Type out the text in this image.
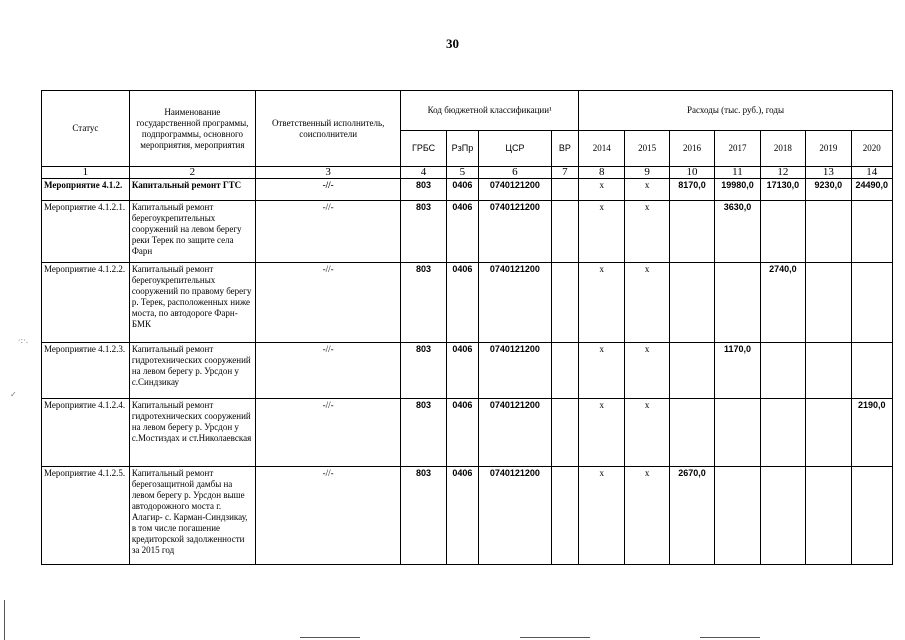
30
·:·.
✓
Статус	Наименование государственной программы, подпрограммы, основного мероприятия, мероприятия	Ответственный исполнитель, соисполнители	Код бюджетной классификации¹				Расходы (тыс. руб.), годы						
			ГРБС	РзПр	ЦСР	ВР	2014	2015	2016	2017	2018	2019	2020
1	2	3	4	5	6	7	8	9	10	11	12	13	14
Мероприятие 4.1.2.	Капитальный ремонт ГТС	-//-	803	0406	0740121200		х	х	8170,0	19980,0	17130,0	9230,0	24490,0
Мероприятие 4.1.2.1.	Капитальный ремонт берегоукрепительных сооружений на левом берегу реки Терек по защите села Фарн	-//-	803	0406	0740121200		х	х		3630,0			
Мероприятие 4.1.2.2.	Капитальный ремонт берегоукрепительных сооружений по правому берегу р. Терек, расположенных ниже моста, по автодороге Фарн-БМК	-//-	803	0406	0740121200		х	х			2740,0		
Мероприятие 4.1.2.3.	Капитальный ремонт гидротехнических сооружений на левом берегу р. Урсдон у с.Синдзикау	-//-	803	0406	0740121200		х	х		1170,0			
Мероприятие 4.1.2.4.	Капитальный ремонт гидротехнических сооружений на левом берегу р. Урсдон у с.Мостиздах и ст.Николаевская	-//-	803	0406	0740121200		х	х					2190,0
Мероприятие 4.1.2.5.	Капитальный ремонт берегозащитной дамбы на левом берегу р. Урсдон выше автодорожного моста г. Алагир- с. Карман-Синдзикау, в том числе погашение кредиторской задолженности за 2015 год	-//-	803	0406	0740121200		х	х	2670,0				
